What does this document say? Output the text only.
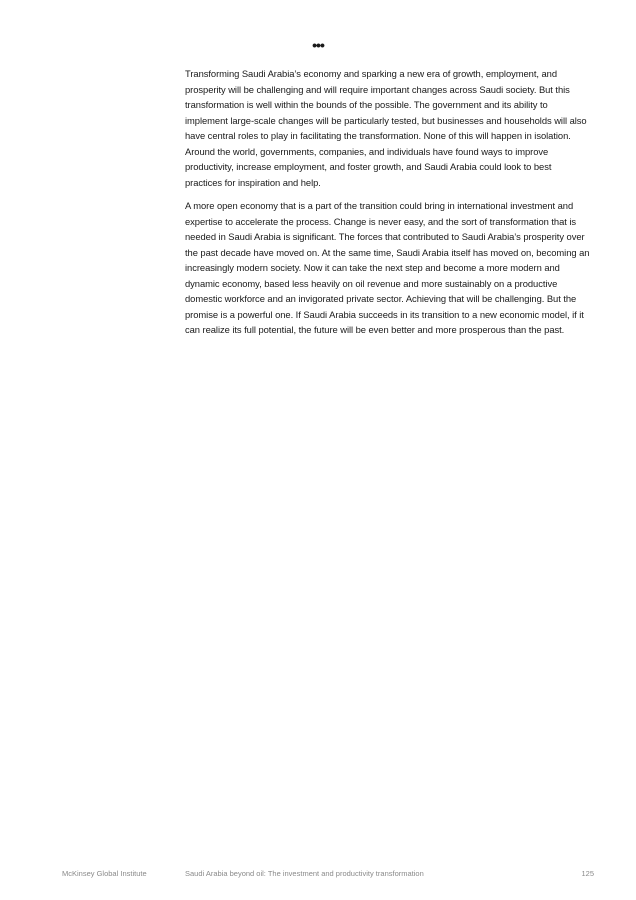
•••

Transforming Saudi Arabia’s economy and sparking a new era of growth, employment, and prosperity will be challenging and will require important changes across Saudi society. But this transformation is well within the bounds of the possible. The government and its ability to implement large-scale changes will be particularly tested, but businesses and households will also have central roles to play in facilitating the transformation. None of this will happen in isolation. Around the world, governments, companies, and individuals have found ways to improve productivity, increase employment, and foster growth, and Saudi Arabia could look to best practices for inspiration and help.

A more open economy that is a part of the transition could bring in international investment and expertise to accelerate the process. Change is never easy, and the sort of transformation that is needed in Saudi Arabia is significant. The forces that contributed to Saudi Arabia’s prosperity over the past decade have moved on. At the same time, Saudi Arabia itself has moved on, becoming an increasingly modern society. Now it can take the next step and become a more modern and dynamic economy, based less heavily on oil revenue and more sustainably on a productive domestic workforce and an invigorated private sector. Achieving that will be challenging. But the promise is a powerful one. If Saudi Arabia succeeds in its transition to a new economic model, if it can realize its full potential, the future will be even better and more prosperous than the past.

McKinsey Global Institute	Saudi Arabia beyond oil: The investment and productivity transformation	125
